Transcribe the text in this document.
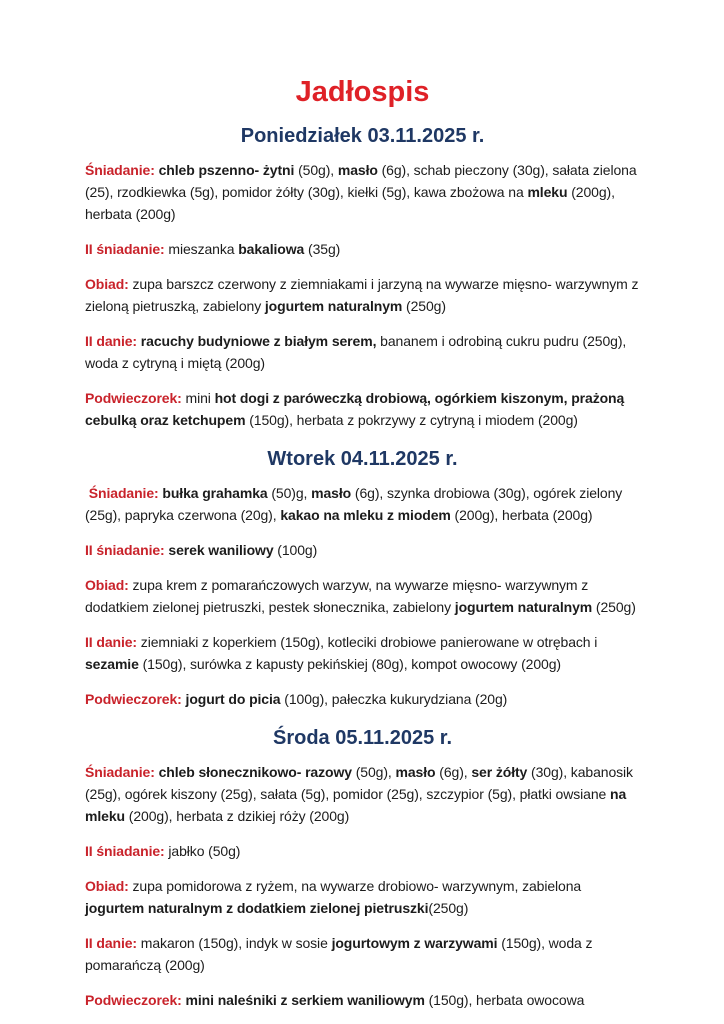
Jadłospis
Poniedziałek 03.11.2025 r.

Śniadanie: chleb pszenno- żytni (50g), masło (6g), schab pieczony (30g), sałata zielona (25), rzodkiewka (5g), pomidor żółty (30g), kiełki (5g), kawa zbożowa na mleku (200g), herbata (200g)

II śniadanie: mieszanka bakaliowa (35g)

Obiad: zupa barszcz czerwony z ziemniakami i jarzyną na wywarze mięsno- warzywnym z zieloną pietruszką, zabielony jogurtem naturalnym (250g)

II danie: racuchy budyniowe z białym serem, bananem i odrobiną cukru pudru (250g), woda z cytryną i miętą (200g)

Podwieczorek: mini hot dogi z paróweczką drobiową, ogórkiem kiszonym, prażoną cebulką oraz ketchupem (150g), herbata z pokrzywy z cytryną i miodem (200g)

Wtorek 04.11.2025 r.

Śniadanie: bułka grahamka (50)g, masło (6g), szynka drobiowa (30g), ogórek zielony (25g), papryka czerwona (20g), kakao na mleku z miodem (200g), herbata (200g)

II śniadanie: serek waniliowy (100g)

Obiad: zupa krem z pomarańczowych warzyw, na wywarze mięsno- warzywnym z dodatkiem zielonej pietruszki, pestek słonecznika, zabielony jogurtem naturalnym (250g)

II danie: ziemniaki z koperkiem (150g), kotleciki drobiowe panierowane w otrębach i sezamie (150g), surówka z kapusty pekińskiej (80g), kompot owocowy (200g)

Podwieczorek: jogurt do picia (100g), pałeczka kukurydziana (20g)

Środa 05.11.2025 r.

Śniadanie: chleb słonecznikowo- razowy (50g), masło (6g), ser żółty (30g), kabanosik (25g), ogórek kiszony (25g), sałata (5g), pomidor (25g), szczypior (5g), płatki owsiane na mleku (200g), herbata z dzikiej róży (200g)

II śniadanie: jabłko (50g)

Obiad: zupa pomidorowa z ryżem, na wywarze drobiowo- warzywnym, zabielona jogurtem naturalnym z dodatkiem zielonej pietruszki(250g)

II danie: makaron (150g), indyk w sosie jogurtowym z warzywami (150g), woda z pomarańczą (200g)

Podwieczorek: mini naleśniki z serkiem waniliowym (150g), herbata owocowa
